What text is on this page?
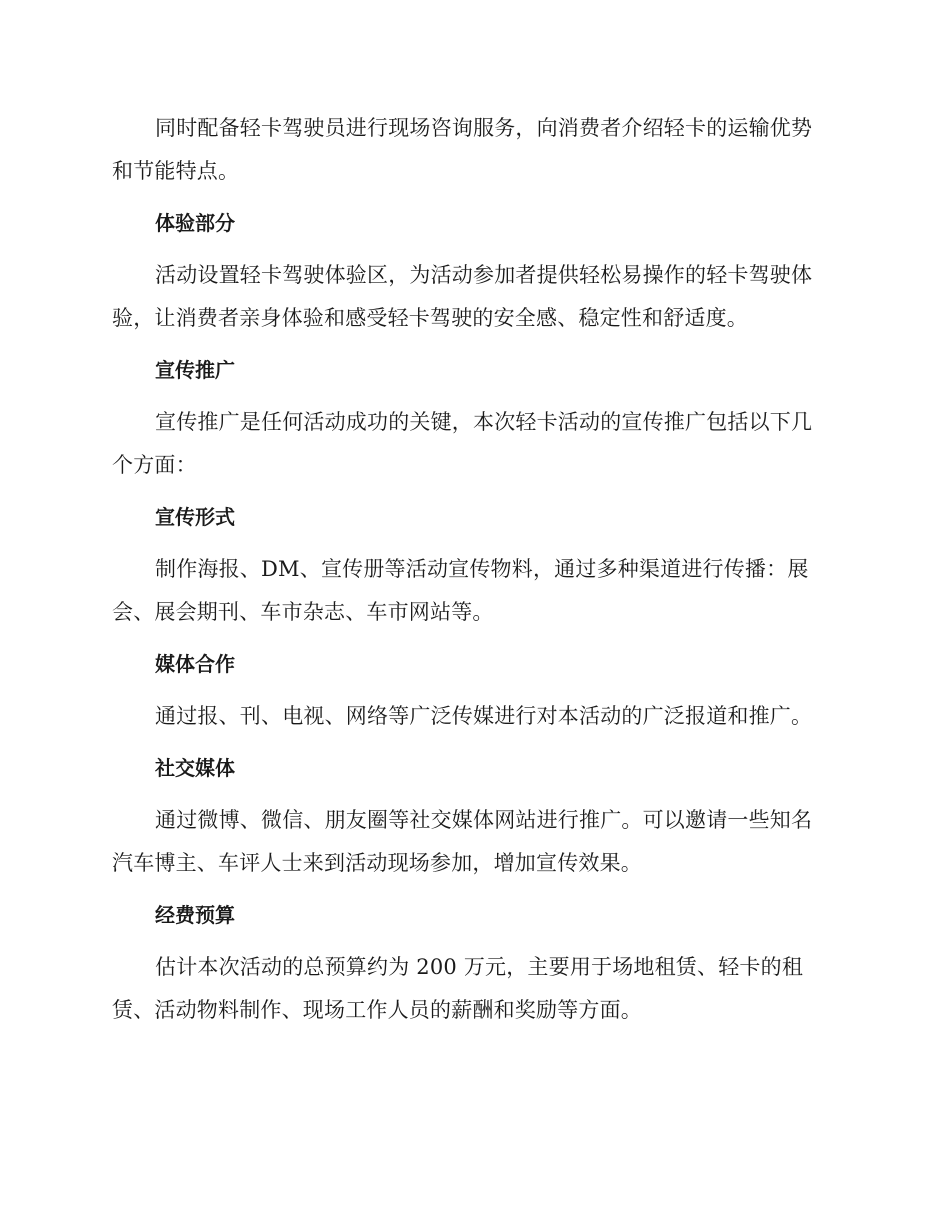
同时配备轻卡驾驶员进行现场咨询服务，向消费者介绍轻卡的运输优势和节能特点。

体验部分

活动设置轻卡驾驶体验区，为活动参加者提供轻松易操作的轻卡驾驶体验，让消费者亲身体验和感受轻卡驾驶的安全感、稳定性和舒适度。

宣传推广

宣传推广是任何活动成功的关键，本次轻卡活动的宣传推广包括以下几个方面：

宣传形式

制作海报、DM、宣传册等活动宣传物料，通过多种渠道进行传播：展会、展会期刊、车市杂志、车市网站等。

媒体合作

通过报、刊、电视、网络等广泛传媒进行对本活动的广泛报道和推广。

社交媒体

通过微博、微信、朋友圈等社交媒体网站进行推广。可以邀请一些知名汽车博主、车评人士来到活动现场参加，增加宣传效果。

经费预算

估计本次活动的总预算约为 200 万元，主要用于场地租赁、轻卡的租赁、活动物料制作、现场工作人员的薪酬和奖励等方面。
